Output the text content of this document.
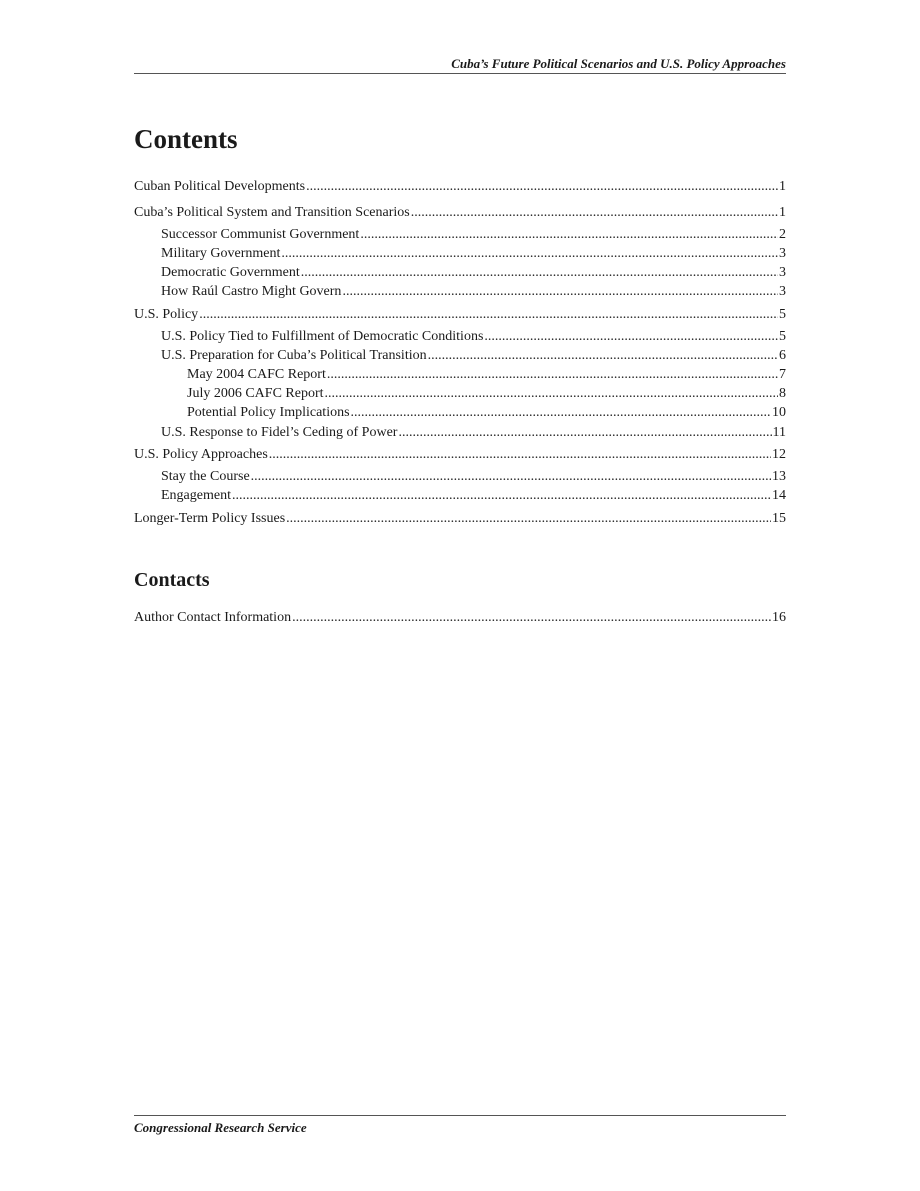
Cuba’s Future Political Scenarios and U.S. Policy Approaches
Contents
Cuban Political Developments .....	1
Cuba’s Political System and Transition Scenarios .....	1
Successor Communist Government .....	2
Military Government .....	3
Democratic Government .....	3
How Raúl Castro Might Govern .....	3
U.S. Policy .....	5
U.S. Policy Tied to Fulfillment of Democratic Conditions .....	5
U.S. Preparation for Cuba’s Political Transition .....	6
May 2004 CAFC Report .....	7
July 2006 CAFC Report .....	8
Potential Policy Implications .....	10
U.S. Response to Fidel’s Ceding of Power .....	11
U.S. Policy Approaches .....	12
Stay the Course .....	13
Engagement .....	14
Longer-Term Policy Issues .....	15
Contacts
Author Contact Information .....	16
Congressional Research Service
